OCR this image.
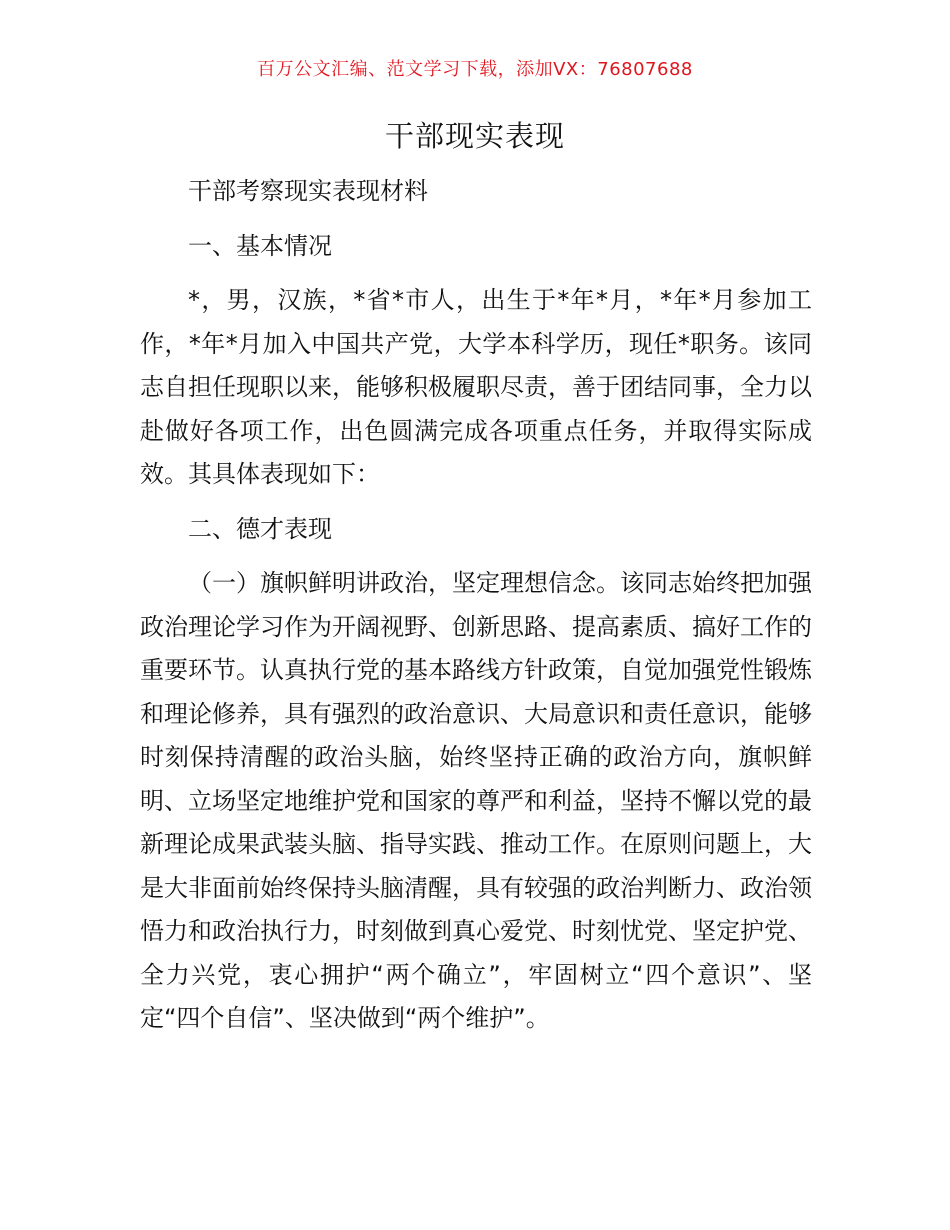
百万公文汇编、范文学习下载，添加VX：76807688
干部现实表现

干部考察现实表现材料

一、基本情况

*，男，汉族，*省*市人，出生于*年*月，*年*月参加工作，*年*月加入中国共产党，大学本科学历，现任*职务。该同志自担任现职以来，能够积极履职尽责，善于团结同事，全力以赴做好各项工作，出色圆满完成各项重点任务，并取得实际成效。其具体表现如下：

二、德才表现

（一）旗帜鲜明讲政治，坚定理想信念。该同志始终把加强政治理论学习作为开阔视野、创新思路、提高素质、搞好工作的重要环节。认真执行党的基本路线方针政策，自觉加强党性锻炼和理论修养，具有强烈的政治意识、大局意识和责任意识，能够时刻保持清醒的政治头脑，始终坚持正确的政治方向，旗帜鲜明、立场坚定地维护党和国家的尊严和利益，坚持不懈以党的最新理论成果武装头脑、指导实践、推动工作。在原则问题上，大是大非面前始终保持头脑清醒，具有较强的政治判断力、政治领悟力和政治执行力，时刻做到真心爱党、时刻忧党、坚定护党、全力兴党，衷心拥护“两个确立”，牢固树立“四个意识”、坚定“四个自信”、坚决做到“两个维护”。
